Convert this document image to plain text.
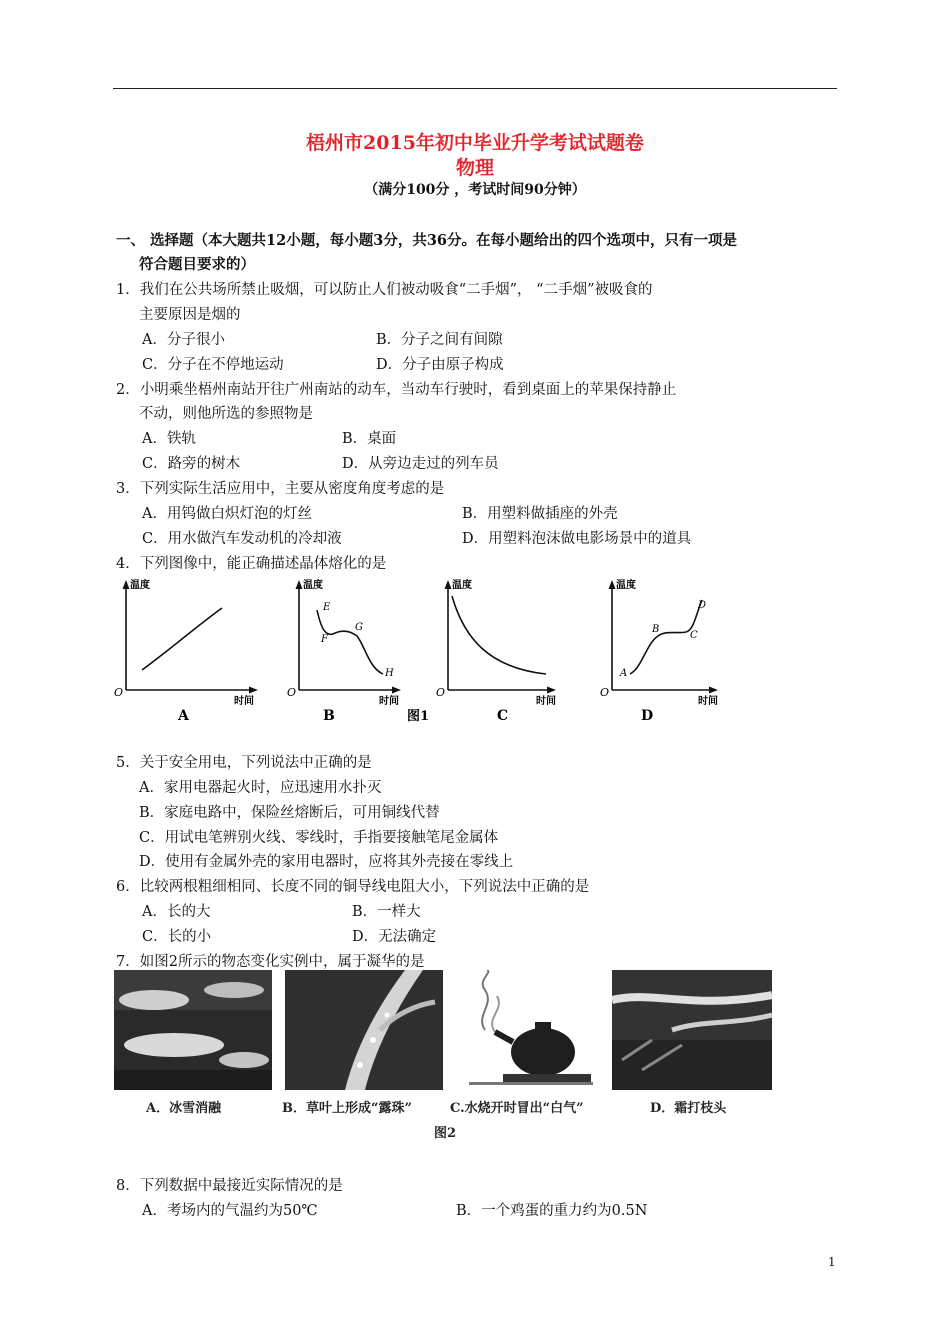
梧州市2015年初中毕业升学考试试题卷
物理
（满分100分 ，考试时间90分钟）
一、 选择题（本大题共12小题，每小题3分，共36分。在每小题给出的四个选项中，只有一项是
符合题目要求的）
1．我们在公共场所禁止吸烟，可以防止人们被动吸食“二手烟”， “二手烟”被吸食的
主要原因是烟的
A．分子很小	B．分子之间有间隙
C．分子在不停地运动	D．分子由原子构成
2．小明乘坐梧州南站开往广州南站的动车，当动车行驶时，看到桌面上的苹果保持静止
不动，则他所选的参照物是
A．铁轨	B．桌面
C．路旁的树木	D．从旁边走过的列车员
3．下列实际生活应用中，主要从密度角度考虑的是
A．用钨做白炽灯泡的灯丝	B．用塑料做插座的外壳
C．用水做汽车发动机的冷却液	D．用塑料泡沫做电影场景中的道具
4．下列图像中，能正确描述晶体熔化的是
温度
时间
O
A
温度
时间
O
E
F
G
H
B	图1
温度
时间
O
C
温度
时间
O
A
B
C
D
D
5．关于安全用电，下列说法中正确的是
A．家用电器起火时，应迅速用水扑灭
B．家庭电路中，保险丝熔断后，可用铜线代替
C．用试电笔辨别火线、零线时，手指要接触笔尾金属体
D．使用有金属外壳的家用电器时，应将其外壳接在零线上
6．比较两根粗细相同、长度不同的铜导线电阻大小，下列说法中正确的是
A．长的大	B．一样大
C．长的小	D．无法确定
7．如图2所示的物态变化实例中，属于凝华的是
A．冰雪消融	B．草叶上形成“露珠”	C.水烧开时冒出“白气”	D．霜打枝头
图2
8．下列数据中最接近实际情况的是
A．考场内的气温约为50℃	B．一个鸡蛋的重力约为0.5N
1
